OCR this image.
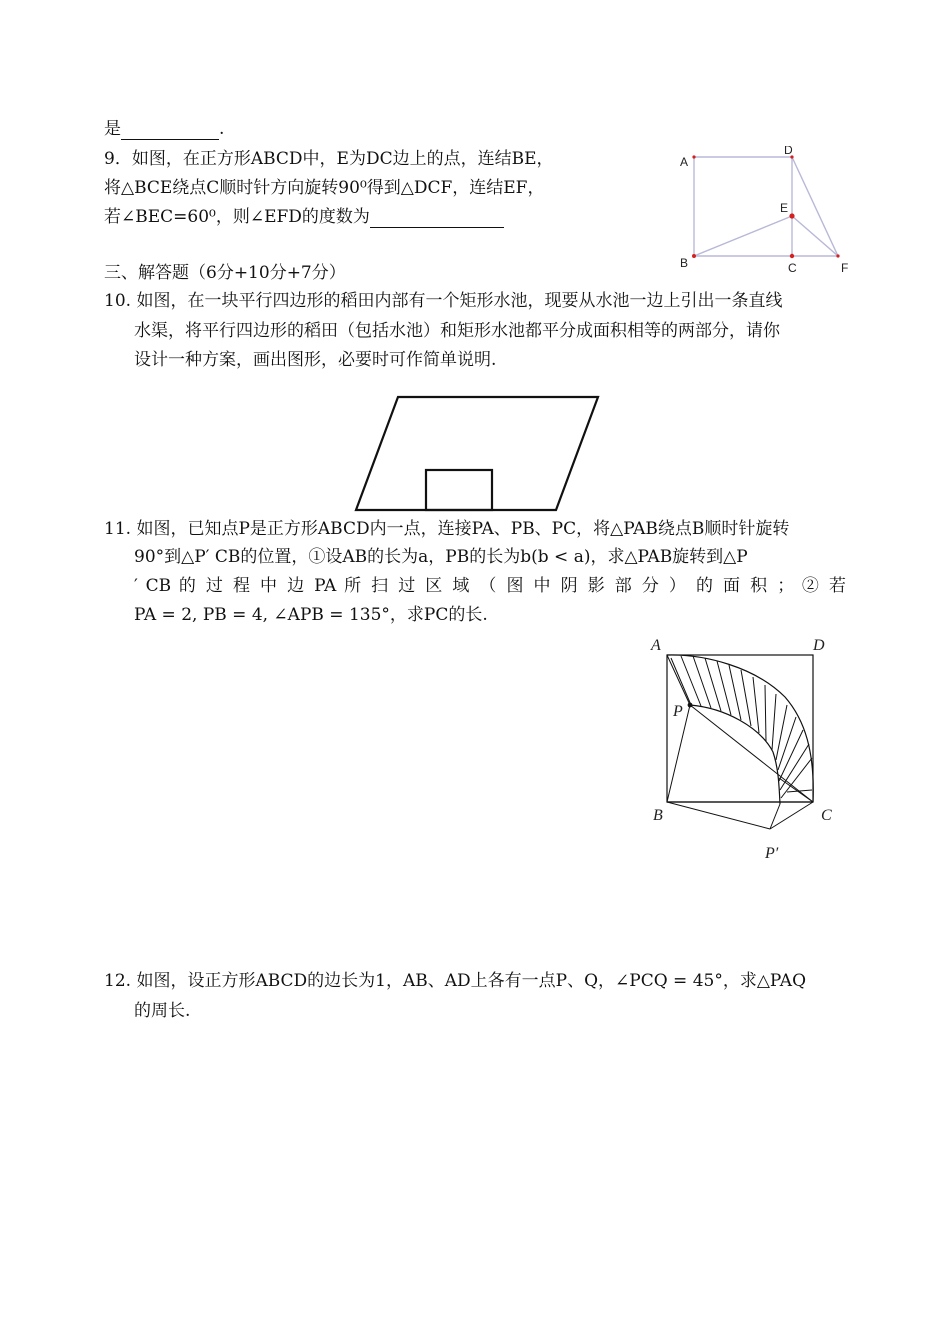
是	.
9．如图，在正方形ABCD中，E为DC边上的点，连结BE，
将△BCE绕点C顺时针方向旋转90⁰得到△DCF，连结EF，
若∠BEC=60⁰，则∠EFD的度数为
A
B	C
D
E
F
三、解答题（6分+10分+7分）
10. 如图，在一块平行四边形的稻田内部有一个矩形水池，现要从水池一边上引出一条直线
水渠，将平行四边形的稻田（包括水池）和矩形水池都平分成面积相等的两部分，请你
设计一种方案，画出图形，必要时可作简单说明.
11. 如图，已知点P是正方形ABCD内一点，连接PA、PB、PC，将△PAB绕点B顺时针旋转
90°到△P′ CB的位置，①设AB的长为a，PB的长为b(b < a)，求△PAB旋转到△P
′ CB 的 过 程 中 边 PA 所 扫 过 区 域 （ 图 中 阴 影 部 分 ） 的 面 积 ； ② 若
PA = 2, PB = 4, ∠APB = 135°，求PC的长.
A	D
P
B	C
P′
12. 如图，设正方形ABCD的边长为1，AB、AD上各有一点P、Q，∠PCQ = 45°，求△PAQ
的周长.
